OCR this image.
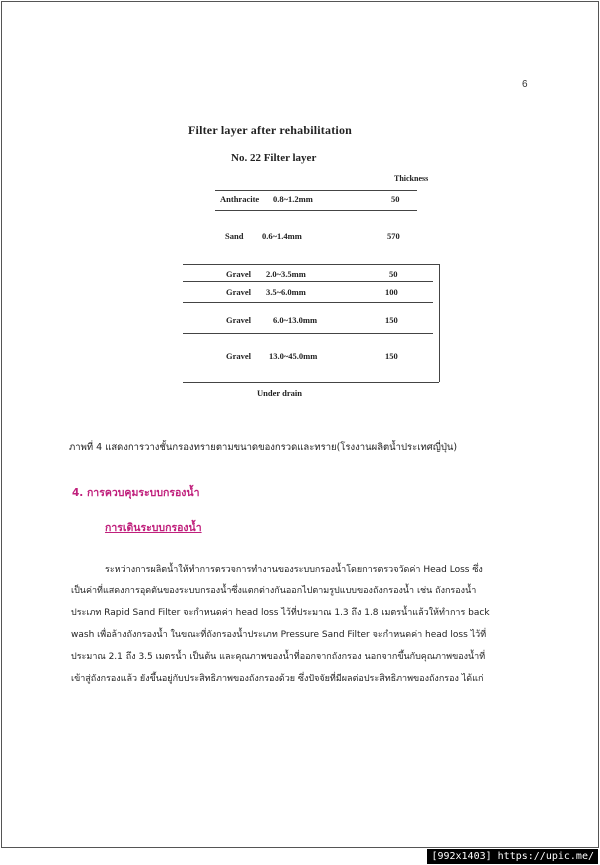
6
Filter layer after rehabilitation
No. 22 Filter layer
Thickness
Anthracite 0.8~1.2mm	50
Sand 0.6~1.4mm	570
Gravel 2.0~3.5mm	50
Gravel 3.5~6.0mm	100
Gravel	6.0~13.0mm	150
Gravel 13.0~45.0mm	150
Under drain
ภาพที่ 4 แสดงการวางชั้นกรองทรายตามขนาดของกรวดและทราย(โรงงานผลิตน้ำประเทศญี่ปุ่น)
4. การควบคุมระบบกรองน้ำ
การเดินระบบกรองน้ำ
ระหว่างการผลิตน้ำให้ทำการตรวจการทำงานของระบบกรองน้ำโดยการตรวจวัดค่า Head Loss ซึ่ง
เป็นค่าที่แสดงการอุดตันของระบบกรองน้ำซึ่งแตกต่างกันออกไปตามรูปแบบของถังกรองน้ำ เช่น ถังกรองน้ำ
ประเภท Rapid Sand Filter จะกำหนดค่า head loss ไว้ที่ประมาณ 1.3 ถึง 1.8 เมตรน้ำแล้วให้ทำการ back
wash เพื่อล้างถังกรองน้ำ ในขณะที่ถังกรองน้ำประเภท Pressure Sand Filter จะกำหนดค่า head loss ไว้ที่
ประมาณ 2.1 ถึง 3.5 เมตรน้ำ เป็นต้น และคุณภาพของน้ำที่ออกจากถังกรอง นอกจากขึ้นกับคุณภาพของน้ำที่
เข้าสู่ถังกรองแล้ว ยังขึ้นอยู่กับประสิทธิภาพของถังกรองด้วย ซึ่งปัจจัยที่มีผลต่อประสิทธิภาพของถังกรอง ได้แก่
[992x1403] https://upic.me/
